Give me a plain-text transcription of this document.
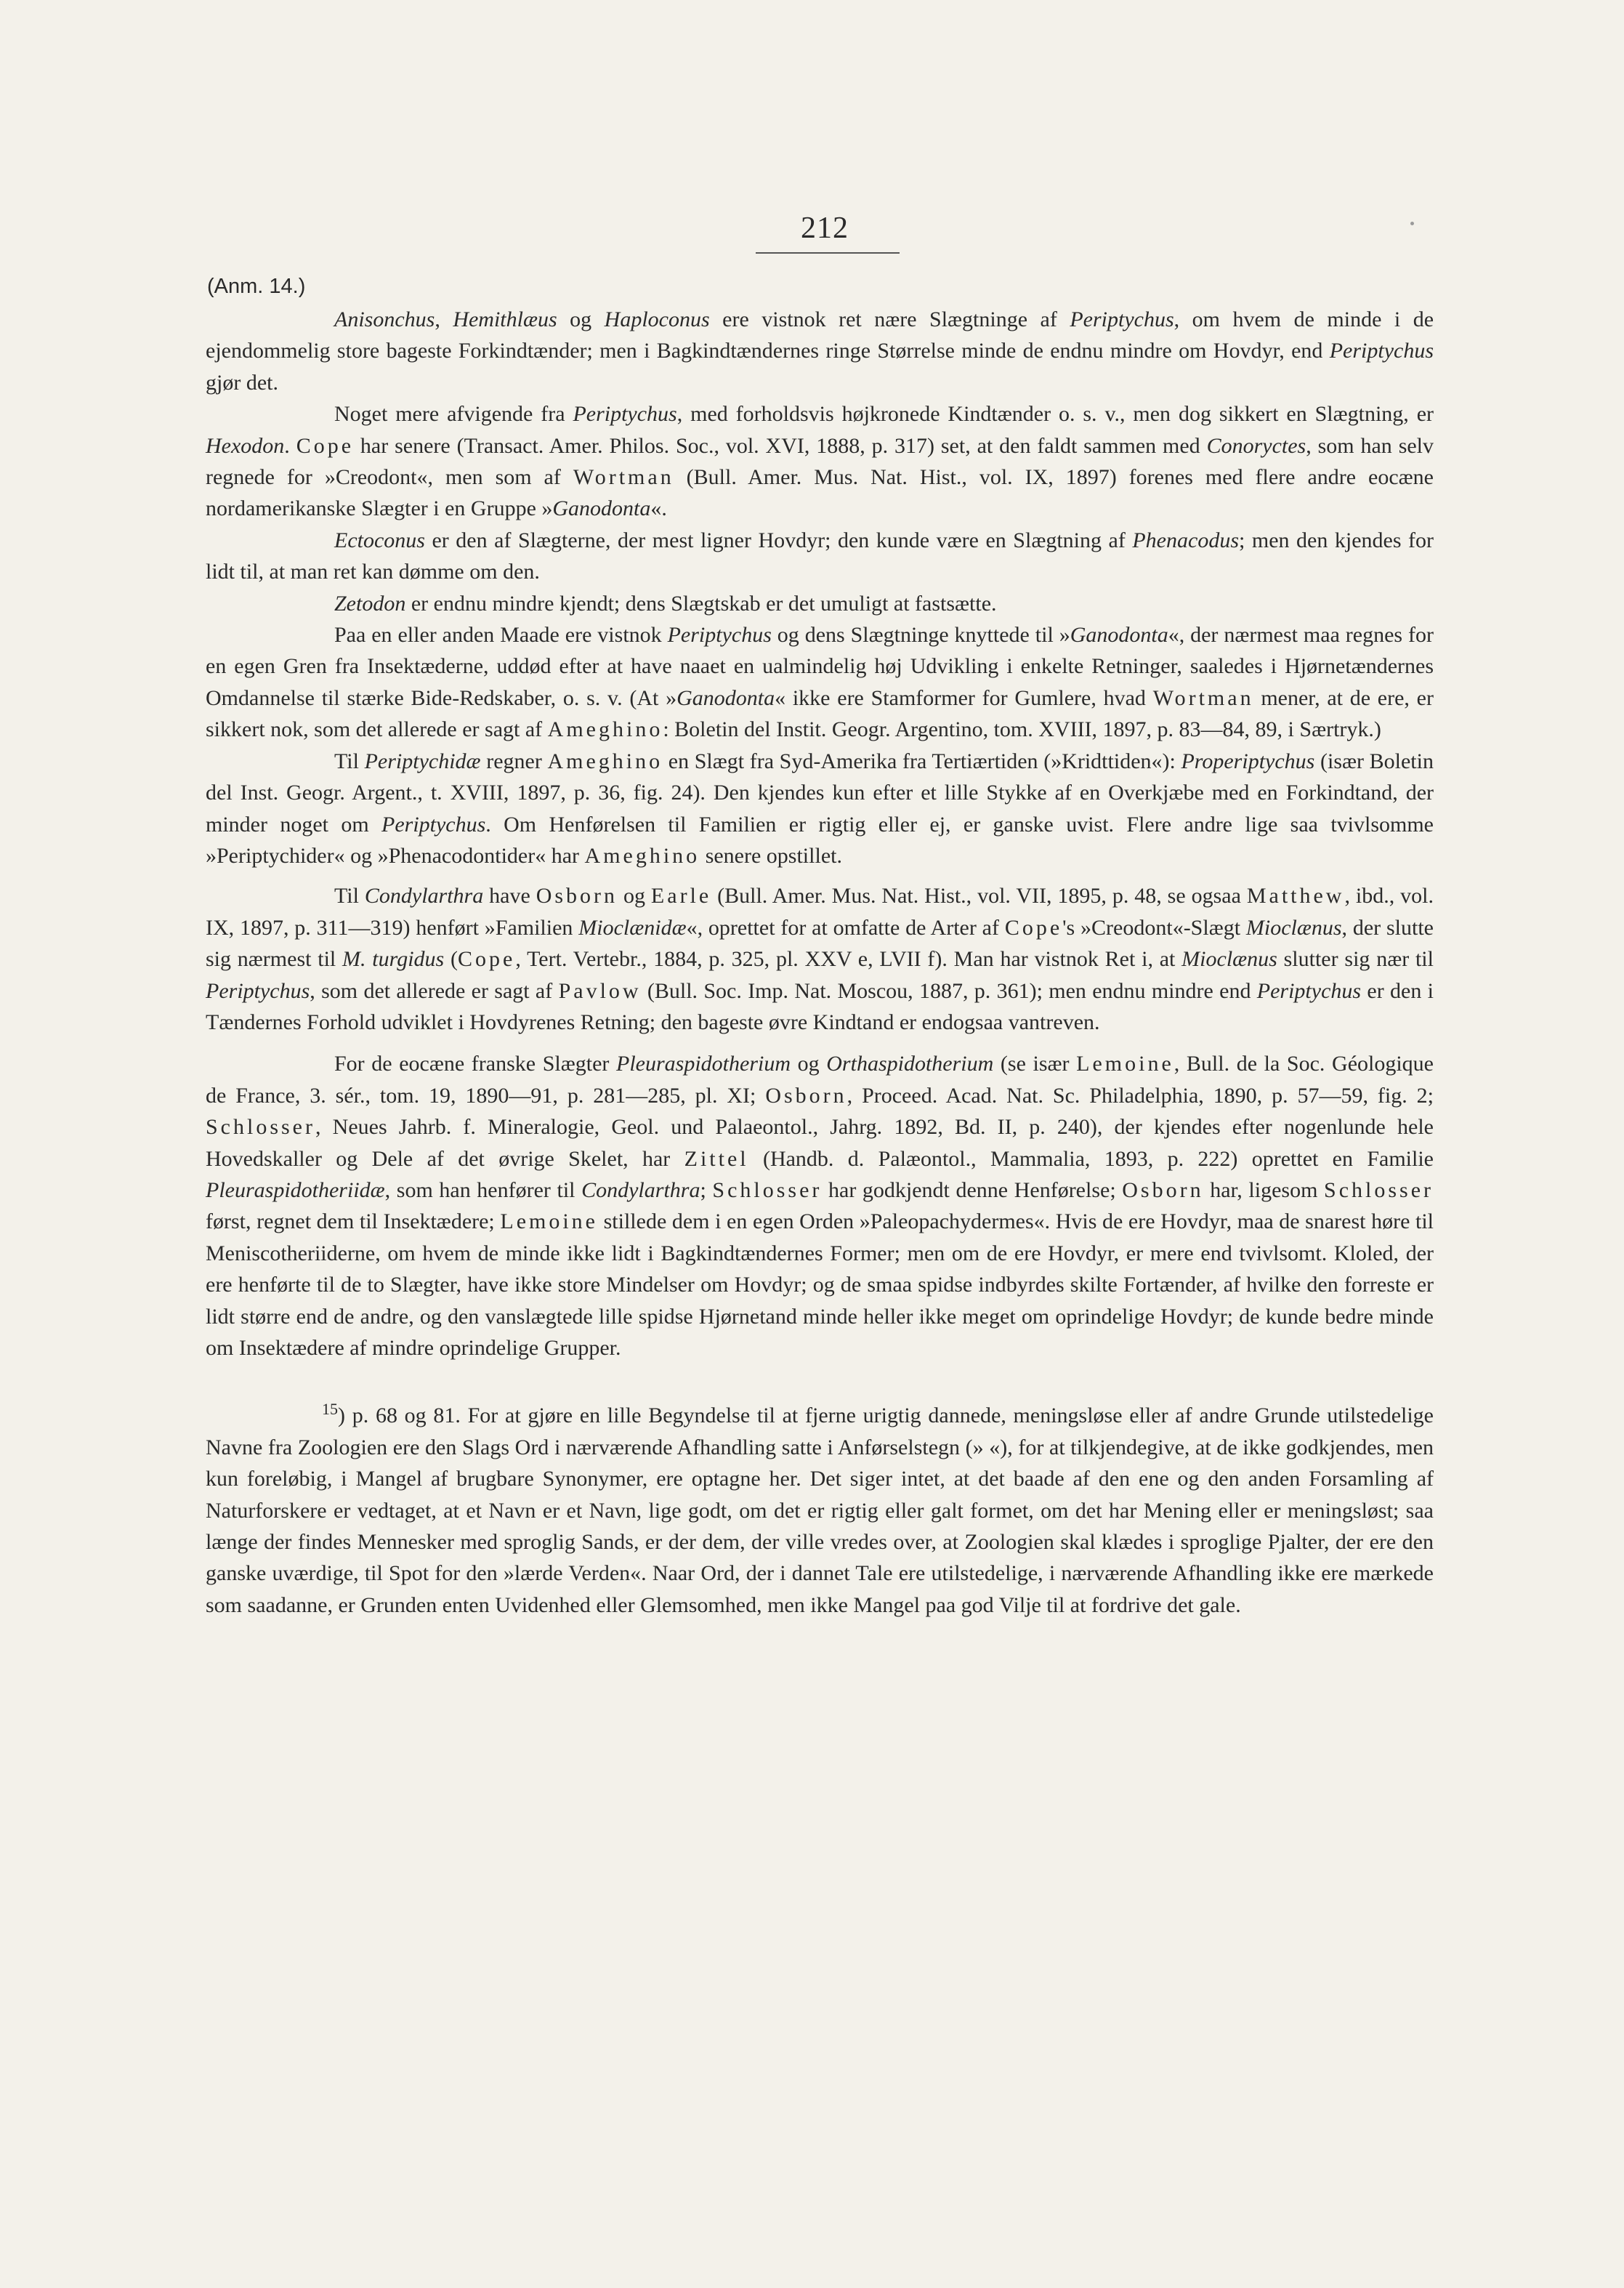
212
(Anm. 14.)

Anisonchus, Hemithlæus og Haploconus ere vistnok ret nære Slægtninge af Periptychus, om hvem de minde i de ejendommelig store bageste Forkindtænder; men i Bagkindtændernes ringe Størrelse minde de endnu mindre om Hovdyr, end Periptychus gjør det.

Noget mere afvigende fra Periptychus, med forholdsvis højkronede Kindtænder o. s. v., men dog sikkert en Slægtning, er Hexodon. Cope har senere (Transact. Amer. Philos. Soc., vol. XVI, 1888, p. 317) set, at den faldt sammen med Conoryctes, som han selv regnede for »Creodont«, men som af Wortman (Bull. Amer. Mus. Nat. Hist., vol. IX, 1897) forenes med flere andre eocæne nordamerikanske Slægter i en Gruppe »Ganodonta«.

Ectoconus er den af Slægterne, der mest ligner Hovdyr; den kunde være en Slægtning af Phenacodus; men den kjendes for lidt til, at man ret kan dømme om den.

Zetodon er endnu mindre kjendt; dens Slægtskab er det umuligt at fastsætte.

Paa en eller anden Maade ere vistnok Periptychus og dens Slægtninge knyttede til »Ganodonta«, der nærmest maa regnes for en egen Gren fra Insektæderne, uddød efter at have naaet en ualmindelig høj Udvikling i enkelte Retninger, saaledes i Hjørnetændernes Omdannelse til stærke Bide-Redskaber, o. s. v. (At »Ganodonta« ikke ere Stamformer for Gumlere, hvad Wortman mener, at de ere, er sikkert nok, som det allerede er sagt af Ameghino: Boletin del Instit. Geogr. Argentino, tom. XVIII, 1897, p. 83—84, 89, i Særtryk.)

Til Periptychidæ regner Ameghino en Slægt fra Syd-Amerika fra Tertiærtiden (»Kridttiden«): Properiptychus (især Boletin del Inst. Geogr. Argent., t. XVIII, 1897, p. 36, fig. 24). Den kjendes kun efter et lille Stykke af en Overkjæbe med en Forkindtand, der minder noget om Periptychus. Om Henførelsen til Familien er rigtig eller ej, er ganske uvist. Flere andre lige saa tvivlsomme »Periptychider« og »Phenacodontider« har Ameghino senere opstillet.

Til Condylarthra have Osborn og Earle (Bull. Amer. Mus. Nat. Hist., vol. VII, 1895, p. 48, se ogsaa Matthew, ibd., vol. IX, 1897, p. 311—319) henført »Familien Mioclænidæ«, oprettet for at omfatte de Arter af Cope's »Creodont«-Slægt Mioclænus, der slutte sig nærmest til M. turgidus (Cope, Tert. Vertebr., 1884, p. 325, pl. XXV e, LVII f). Man har vistnok Ret i, at Mioclænus slutter sig nær til Periptychus, som det allerede er sagt af Pavlow (Bull. Soc. Imp. Nat. Moscou, 1887, p. 361); men endnu mindre end Periptychus er den i Tændernes Forhold udviklet i Hovdyrenes Retning; den bageste øvre Kindtand er endogsaa vantreven.

For de eocæne franske Slægter Pleuraspidotherium og Orthaspidotherium (se især Lemoine, Bull. de la Soc. Géologique de France, 3. sér., tom. 19, 1890—91, p. 281—285, pl. XI; Osborn, Proceed. Acad. Nat. Sc. Philadelphia, 1890, p. 57—59, fig. 2; Schlosser, Neues Jahrb. f. Mineralogie, Geol. und Palaeontol., Jahrg. 1892, Bd. II, p. 240), der kjendes efter nogenlunde hele Hovedskaller og Dele af det øvrige Skelet, har Zittel (Handb. d. Palæontol., Mammalia, 1893, p. 222) oprettet en Familie Pleuraspidotheriidæ, som han henfører til Condylarthra; Schlosser har godkjendt denne Henførelse; Osborn har, ligesom Schlosser først, regnet dem til Insektædere; Lemoine stillede dem i en egen Orden »Paleopachydermes«. Hvis de ere Hovdyr, maa de snarest høre til Meniscotheriiderne, om hvem de minde ikke lidt i Bagkindtændernes Former; men om de ere Hovdyr, er mere end tvivlsomt. Kloled, der ere henførte til de to Slægter, have ikke store Mindelser om Hovdyr; og de smaa spidse indbyrdes skilte Fortænder, af hvilke den forreste er lidt større end de andre, og den vanslægtede lille spidse Hjørnetand minde heller ikke meget om oprindelige Hovdyr; de kunde bedre minde om Insektædere af mindre oprindelige Grupper.

$^{15}$) p. 68 og 81. For at gjøre en lille Begyndelse til at fjerne urigtig dannede, meningsløse eller af andre Grunde utilstedelige Navne fra Zoologien ere den Slags Ord i nærværende Afhandling satte i Anførselstegn (» «), for at tilkjendegive, at de ikke godkjendes, men kun foreløbig, i Mangel af brugbare Synonymer, ere optagne her. Det siger intet, at det baade af den ene og den anden Forsamling af Naturforskere er vedtaget, at et Navn er et Navn, lige godt, om det er rigtig eller galt formet, om det har Mening eller er meningsløst; saa længe der findes Mennesker med sproglig Sands, er der dem, der ville vredes over, at Zoologien skal klædes i sproglige Pjalter, der ere den ganske uværdige, til Spot for den »lærde Verden«. Naar Ord, der i dannet Tale ere utilstedelige, i nærværende Afhandling ikke ere mærkede som saadanne, er Grunden enten Uvidenhed eller Glemsomhed, men ikke Mangel paa god Vilje til at fordrive det gale.
